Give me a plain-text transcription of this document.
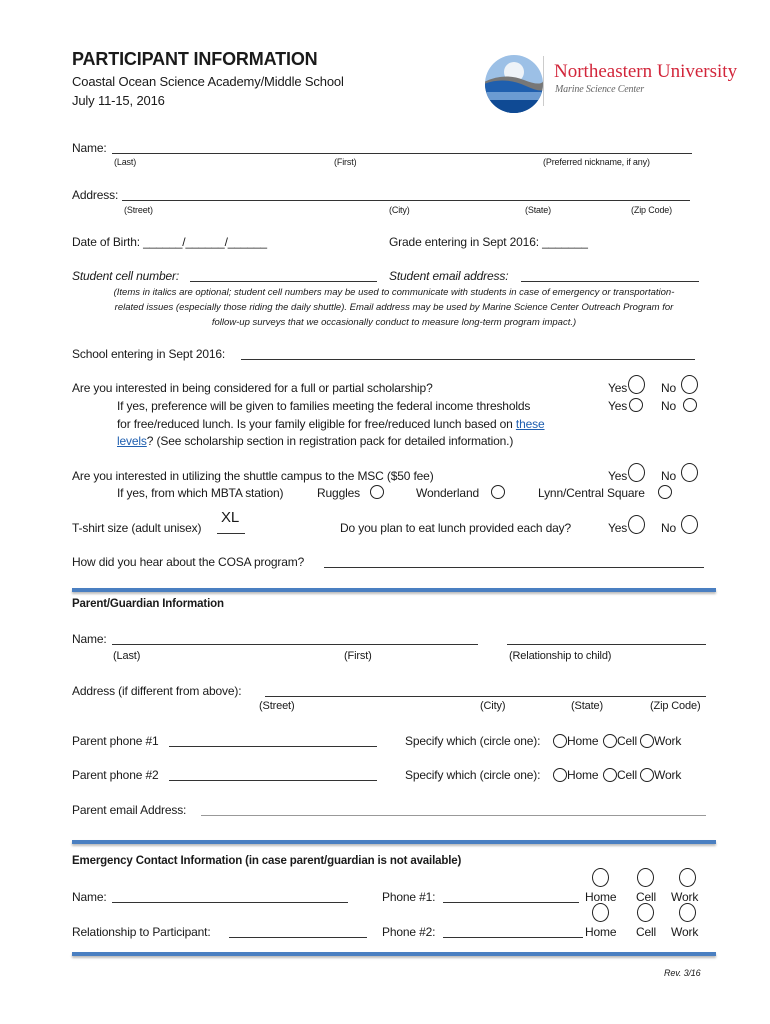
PARTICIPANT INFORMATION
Coastal Ocean Science Academy/Middle School
July 11-15, 2016
Northeastern University
Marine Science Center
Name:
(Last)	(First)	(Preferred nickname, if any)
Address:
(Street)	(City)	(State)	(Zip Code)
Date of Birth: ______/______/______	Grade entering in Sept 2016: _______
Student cell number:	Student email address:
(Items in italics are optional; student cell numbers may be used to communicate with students in case of emergency or transportation-related issues (especially those riding the daily shuttle). Email address may be used by Marine Science Center Outreach Program for follow-up surveys that we occasionally conduct to measure long-term program impact.)
School entering in Sept 2016:
Are you interested in being considered for a full or partial scholarship?	Yes	No
If yes, preference will be given to families meeting the federal income thresholds	Yes	No
for free/reduced lunch. Is your family eligible for free/reduced lunch based on these
levels? (See scholarship section in registration pack for detailed information.)
Are you interested in utilizing the shuttle campus to the MSC ($50 fee)	Yes	No
If yes, from which MBTA station)	Ruggles	Wonderland	Lynn/Central Square
T-shirt size (adult unisex)
XL
Do you plan to eat lunch provided each day?	Yes	No
How did you hear about the COSA program?
Parent/Guardian Information
Name:
(Last)	(First)	(Relationship to child)
Address (if different from above):
(Street)	(City)	(State)	(Zip Code)
Parent phone #1	Specify which (circle one): Home Cell Work
Parent phone #2	Specify which (circle one): Home Cell Work
Parent email Address:
Emergency Contact Information (in case parent/guardian is not available)
Name:	Phone #1:	Home Cell Work
Relationship to Participant:	Phone #2:	Home Cell Work
Rev. 3/16
